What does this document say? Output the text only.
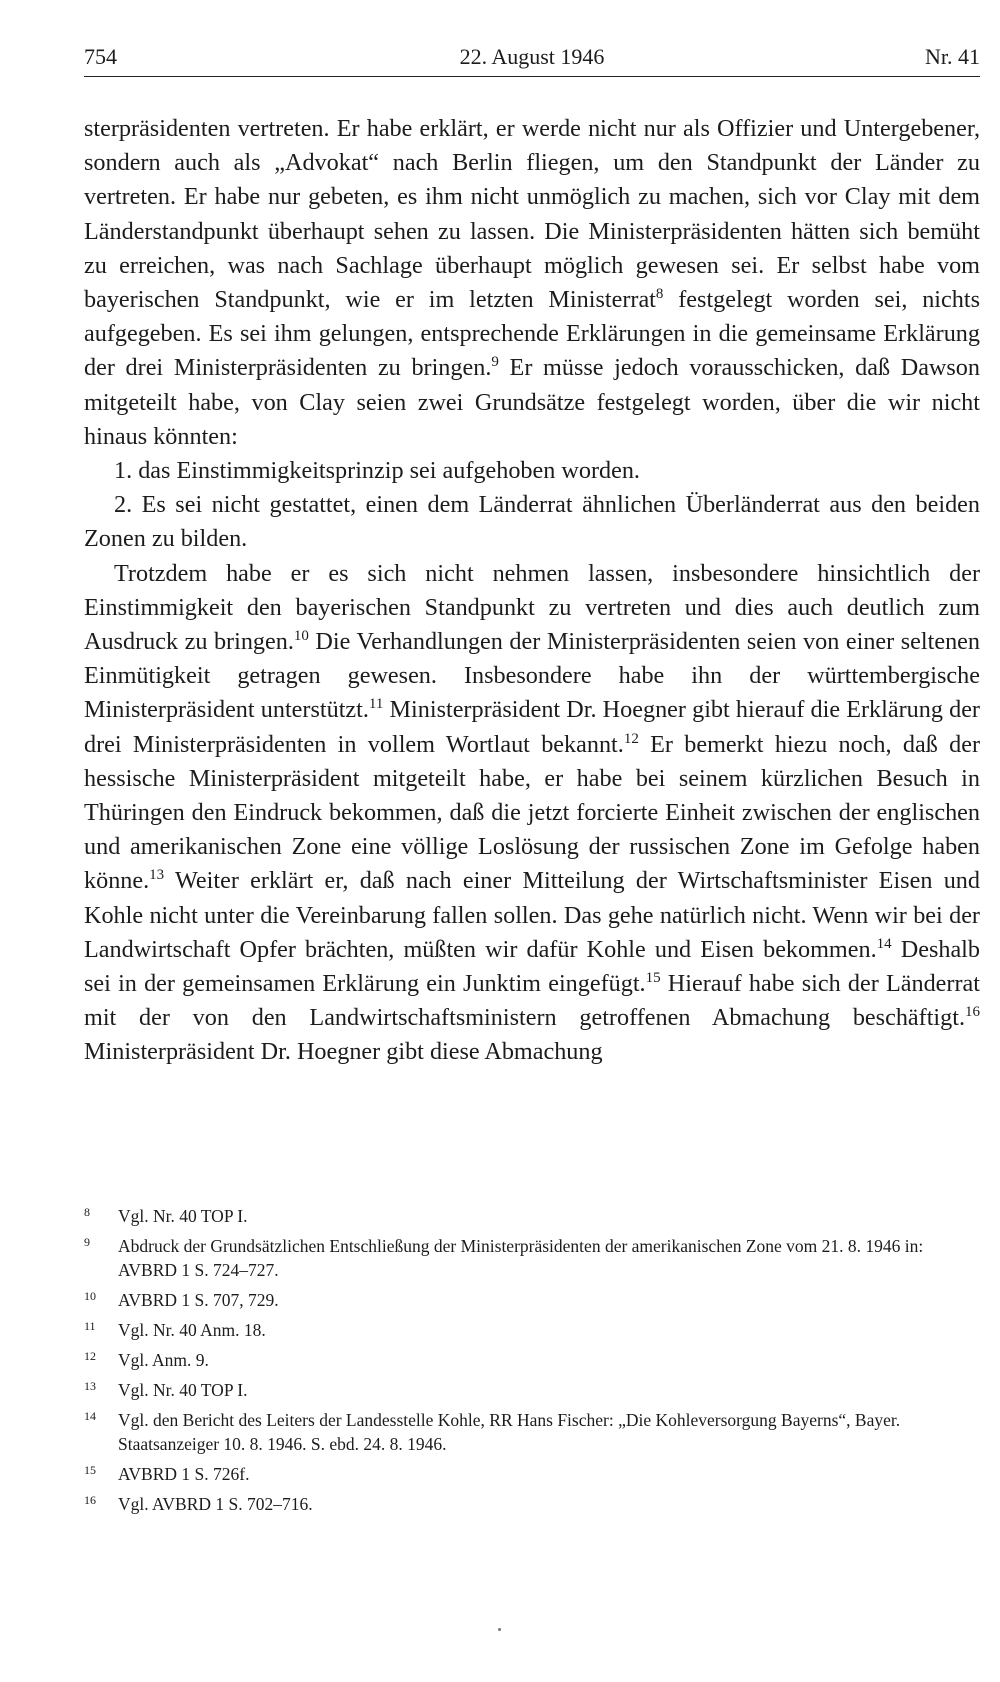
754	22. August 1946	Nr. 41

sterpräsidenten vertreten. Er habe erklärt, er werde nicht nur als Offizier und Untergebener, sondern auch als „Advokat“ nach Berlin fliegen, um den Standpunkt der Länder zu vertreten. Er habe nur gebeten, es ihm nicht unmöglich zu machen, sich vor Clay mit dem Länderstandpunkt überhaupt sehen zu lassen. Die Ministerpräsidenten hätten sich bemüht zu erreichen, was nach Sachlage überhaupt möglich gewesen sei. Er selbst habe vom bayerischen Standpunkt, wie er im letzten Ministerrat$^8$ festgelegt worden sei, nichts aufgegeben. Es sei ihm gelungen, entsprechende Erklärungen in die gemeinsame Erklärung der drei Ministerpräsidenten zu bringen.$^9$ Er müsse jedoch vorausschicken, daß Dawson mitgeteilt habe, von Clay seien zwei Grundsätze festgelegt worden, über die wir nicht hinaus könnten:

1. das Einstimmigkeitsprinzip sei aufgehoben worden.

2. Es sei nicht gestattet, einen dem Länderrat ähnlichen Überländerrat aus den beiden Zonen zu bilden.

Trotzdem habe er es sich nicht nehmen lassen, insbesondere hinsichtlich der Einstimmigkeit den bayerischen Standpunkt zu vertreten und dies auch deutlich zum Ausdruck zu bringen.$^{10}$ Die Verhandlungen der Ministerpräsidenten seien von einer seltenen Einmütigkeit getragen gewesen. Insbesondere habe ihn der württembergische Ministerpräsident unterstützt.$^{11}$ Ministerpräsident Dr. Hoegner gibt hierauf die Erklärung der drei Ministerpräsidenten in vollem Wortlaut bekannt.$^{12}$ Er bemerkt hiezu noch, daß der hessische Ministerpräsident mitgeteilt habe, er habe bei seinem kürzlichen Besuch in Thüringen den Eindruck bekommen, daß die jetzt forcierte Einheit zwischen der englischen und amerikanischen Zone eine völlige Loslösung der russischen Zone im Gefolge haben könne.$^{13}$ Weiter erklärt er, daß nach einer Mitteilung der Wirtschaftsminister Eisen und Kohle nicht unter die Vereinbarung fallen sollen. Das gehe natürlich nicht. Wenn wir bei der Landwirtschaft Opfer brächten, müßten wir dafür Kohle und Eisen bekommen.$^{14}$ Deshalb sei in der gemeinsamen Erklärung ein Junktim eingefügt.$^{15}$ Hierauf habe sich der Länderrat mit der von den Landwirtschaftsministern getroffenen Abmachung beschäftigt.$^{16}$ Ministerpräsident Dr. Hoegner gibt diese Abmachung

8	Vgl. Nr. 40 TOP I.
9	Abdruck der Grundsätzlichen Entschließung der Ministerpräsidenten der amerikanischen Zone vom 21. 8. 1946 in: AVBRD 1 S. 724–727.
10	AVBRD 1 S. 707, 729.
11	Vgl. Nr. 40 Anm. 18.
12	Vgl. Anm. 9.
13	Vgl. Nr. 40 TOP I.
14	Vgl. den Bericht des Leiters der Landesstelle Kohle, RR Hans Fischer: „Die Kohleversorgung Bayerns“, Bayer. Staatsanzeiger 10. 8. 1946. S. ebd. 24. 8. 1946.
15	AVBRD 1 S. 726f.
16	Vgl. AVBRD 1 S. 702–716.
